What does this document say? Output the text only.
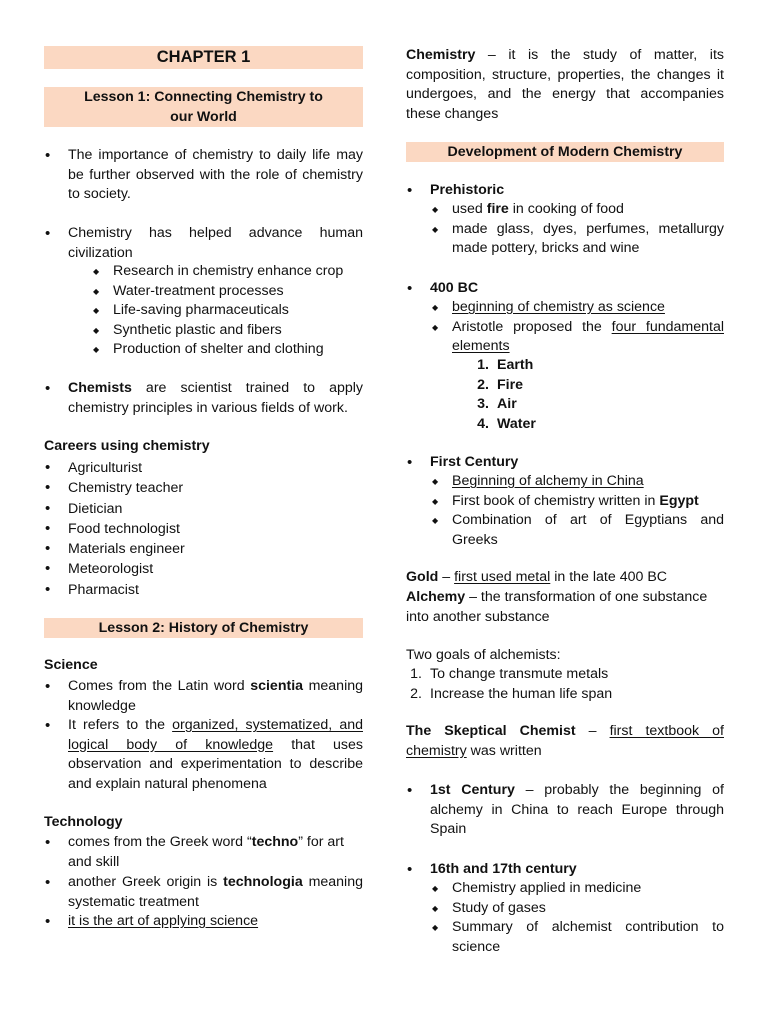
CHAPTER 1
Lesson 1: Connecting Chemistry to our World
• The importance of chemistry to daily life may be further observed with the role of chemistry to society.
• Chemistry has helped advance human civilization
◆ Research in chemistry enhance crop
◆ Water-treatment processes
◆ Life-saving pharmaceuticals
◆ Synthetic plastic and fibers
◆ Production of shelter and clothing
• Chemists are scientist trained to apply chemistry principles in various fields of work.

Careers using chemistry

• Agriculturist
• Chemistry teacher
• Dietician
• Food technologist
• Materials engineer
• Meteorologist
• Pharmacist
Lesson 2: History of Chemistry

Science

• Comes from the Latin word scientia meaning knowledge
• It refers to the organized, systematized, and logical body of knowledge that uses observation and experimentation to describe and explain natural phenomena

Technology

• comes from the Greek word “techno” for art and skill
• another Greek origin is technologia meaning systematic treatment
• it is the art of applying science

Chemistry – it is the study of matter, its composition, structure, properties, the changes it undergoes, and the energy that accompanies these changes

Development of Modern Chemistry
• Prehistoric
◆ used fire in cooking of food
◆ made glass, dyes, perfumes, metallurgy made pottery, bricks and wine
• 400 BC
◆ beginning of chemistry as science
◆ Aristotle proposed the four fundamental elements
1. Earth
2. Fire
3. Air
4. Water
• First Century
◆ Beginning of alchemy in China
◆ First book of chemistry written in Egypt
◆ Combination of art of Egyptians and Greeks

Gold – first used metal in the late 400 BC

Alchemy – the transformation of one substance into another substance

Two goals of alchemists:

1. To change transmute metals
2. Increase the human life span

The Skeptical Chemist – first textbook of chemistry was written

• 1st Century – probably the beginning of alchemy in China to reach Europe through Spain
• 16th and 17th century
◆ Chemistry applied in medicine
◆ Study of gases
◆ Summary of alchemist contribution to science
